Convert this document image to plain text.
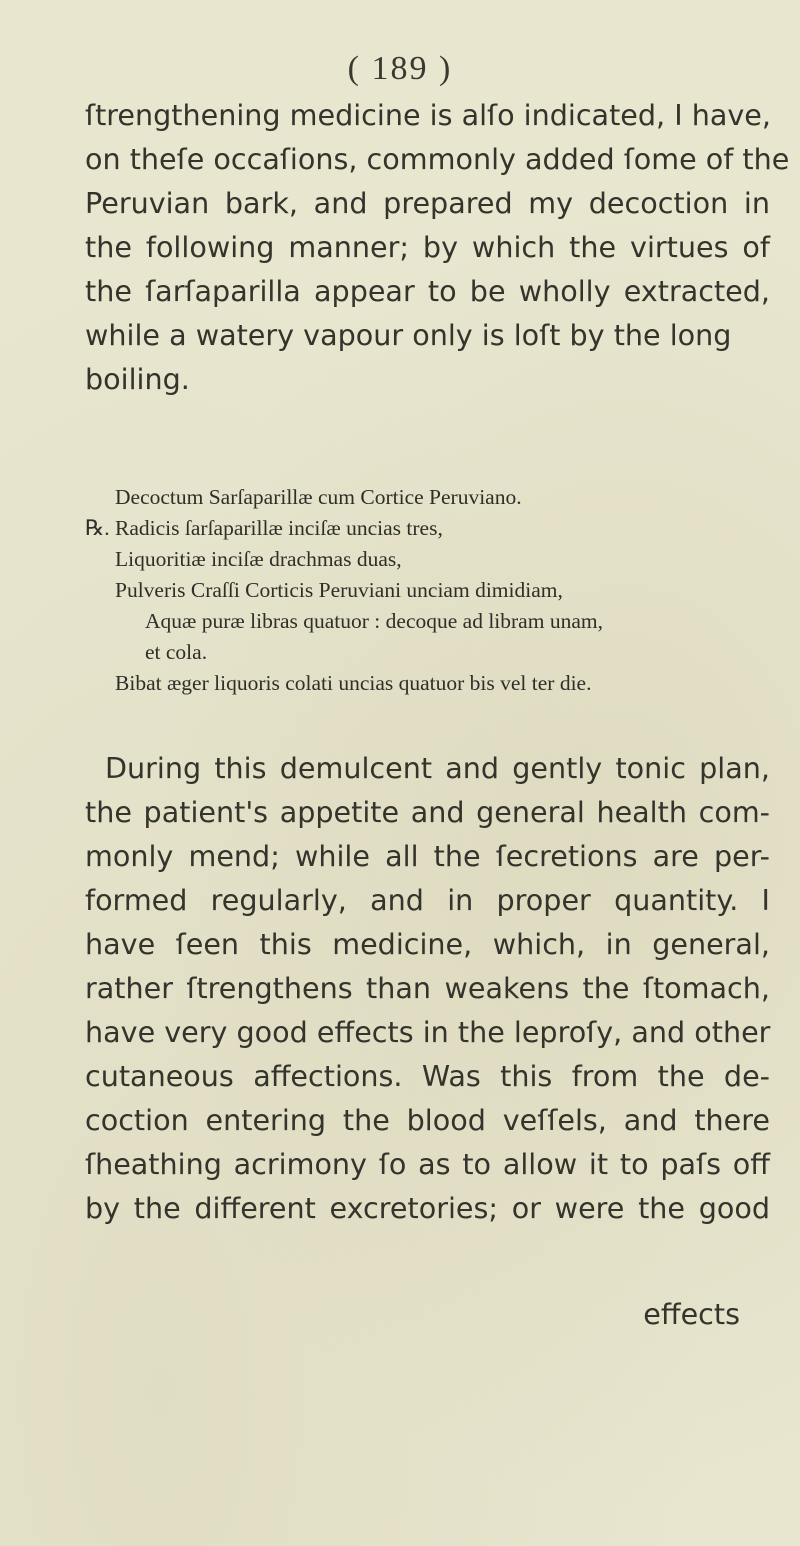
( 189 )
ſtrengthening medicine is alſo indicated, I have,
on theſe occaſions, commonly added ſome of the
Peruvian bark, and prepared my decoction in
the following manner; by which the virtues of
the ſarſaparilla appear to be wholly extracted,
while a watery vapour only is loſt by the long
boiling.
Decoctum Sarſaparillæ cum Cortice Peruviano.
℞. Radicis ſarſaparillæ inciſæ uncias tres,
Liquoritiæ inciſæ drachmas duas,
Pulveris Craſſi Corticis Peruviani unciam dimidiam,
Aquæ puræ libras quatuor : decoque ad libram unam,
et cola.
Bibat æger liquoris colati uncias quatuor bis vel ter die.
During this demulcent and gently tonic plan,
the patient's appetite and general health com-
monly mend; while all the ſecretions are per-
formed regularly, and in proper quantity. I
have ſeen this medicine, which, in general,
rather ſtrengthens than weakens the ſtomach,
have very good effects in the leproſy, and other
cutaneous affections. Was this from the de-
coction entering the blood veſſels, and there
ſheathing acrimony ſo as to allow it to paſs off
by the different excretories; or were the good
effects
